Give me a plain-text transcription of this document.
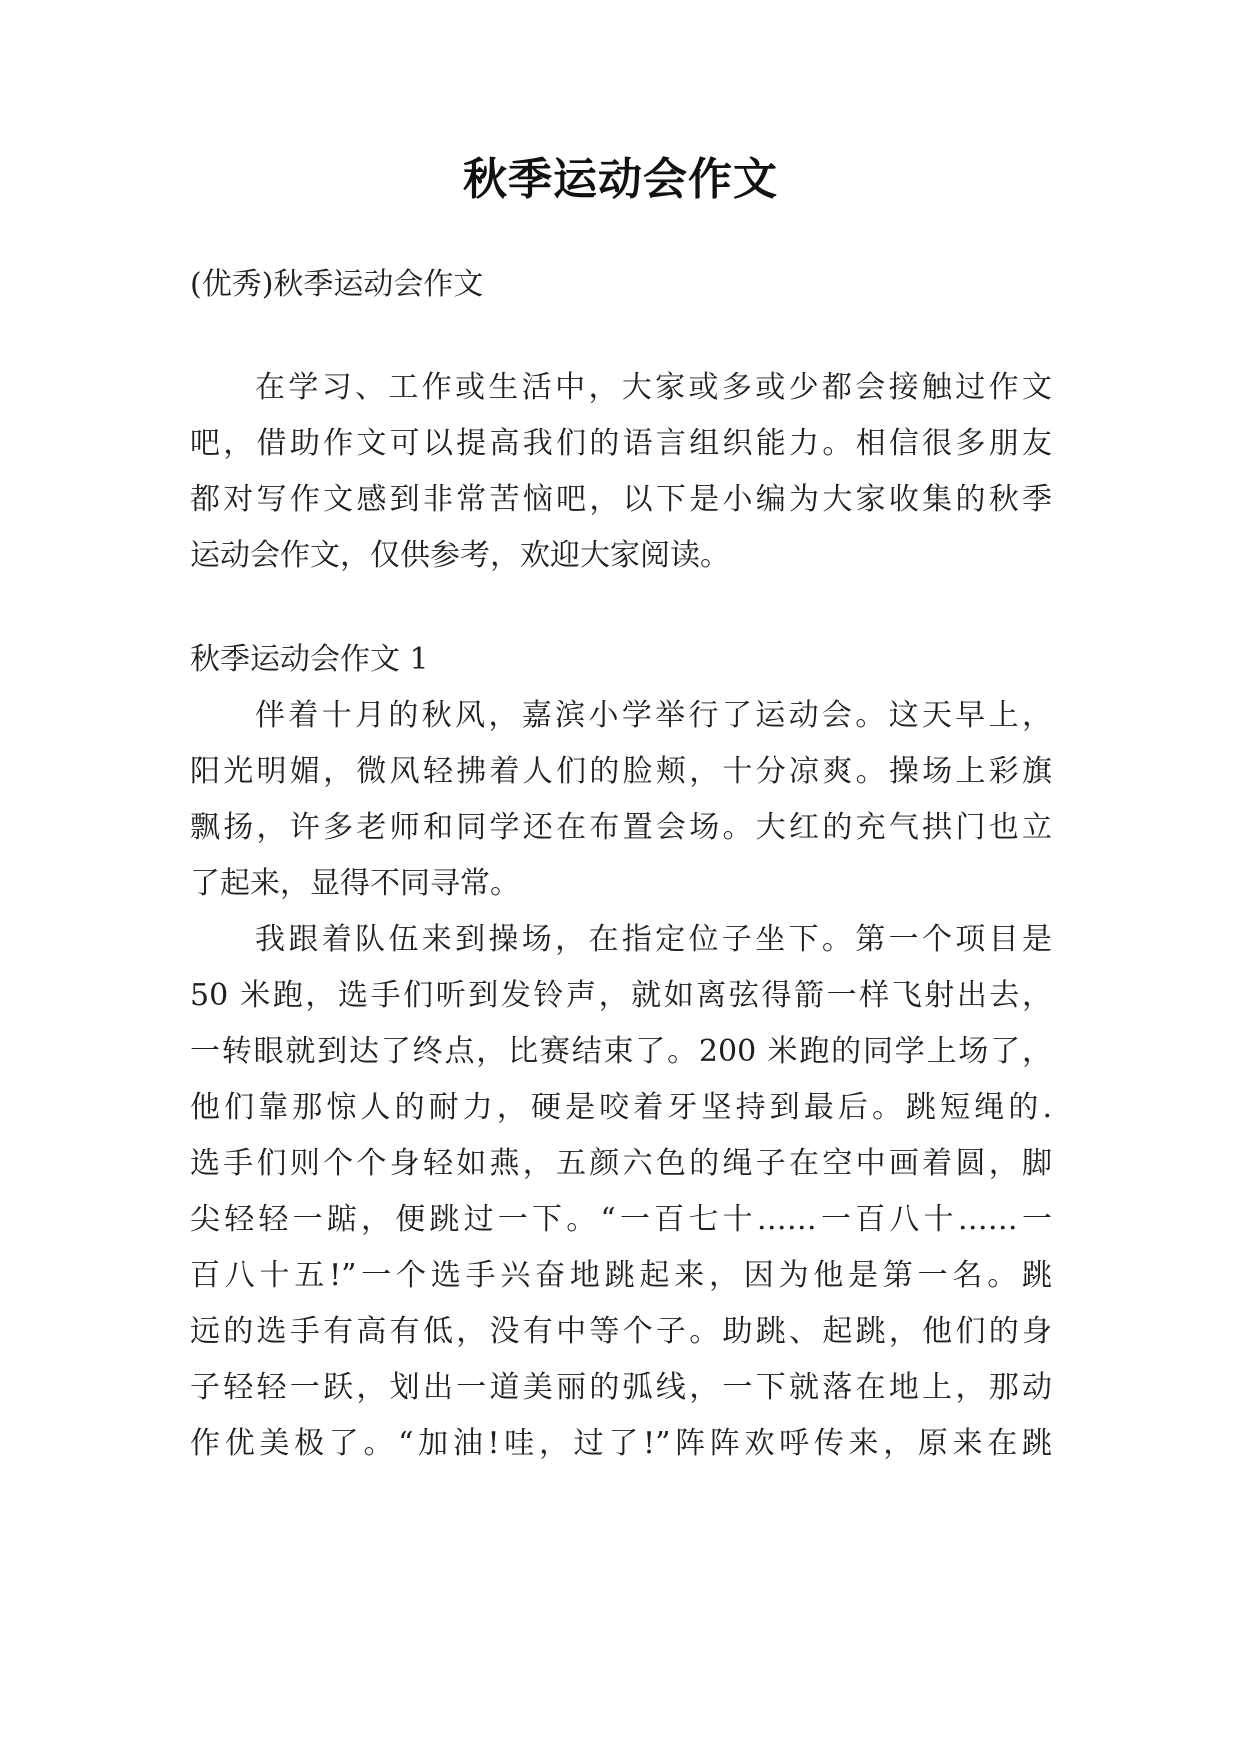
秋季运动会作文
(优秀)秋季运动会作文
在学习、工作或生活中，大家或多或少都会接触过作文
吧，借助作文可以提高我们的语言组织能力。相信很多朋友
都对写作文感到非常苦恼吧，以下是小编为大家收集的秋季
运动会作文，仅供参考，欢迎大家阅读。
秋季运动会作文 1
伴着十月的秋风，嘉滨小学举行了运动会。这天早上，
阳光明媚，微风轻拂着人们的脸颊，十分凉爽。操场上彩旗
飘扬，许多老师和同学还在布置会场。大红的充气拱门也立
了起来，显得不同寻常。
我跟着队伍来到操场，在指定位子坐下。第一个项目是
50 米跑，选手们听到发铃声，就如离弦得箭一样飞射出去，
一转眼就到达了终点，比赛结束了。200 米跑的同学上场了，
他们靠那惊人的耐力，硬是咬着牙坚持到最后。跳短绳的.
选手们则个个身轻如燕，五颜六色的绳子在空中画着圆，脚
尖轻轻一踮，便跳过一下。“一百七十……一百八十……一
百八十五!”一个选手兴奋地跳起来，因为他是第一名。跳
远的选手有高有低，没有中等个子。助跳、起跳，他们的身
子轻轻一跃，划出一道美丽的弧线，一下就落在地上，那动
作优美极了。“加油!哇，过了!”阵阵欢呼传来，原来在跳
